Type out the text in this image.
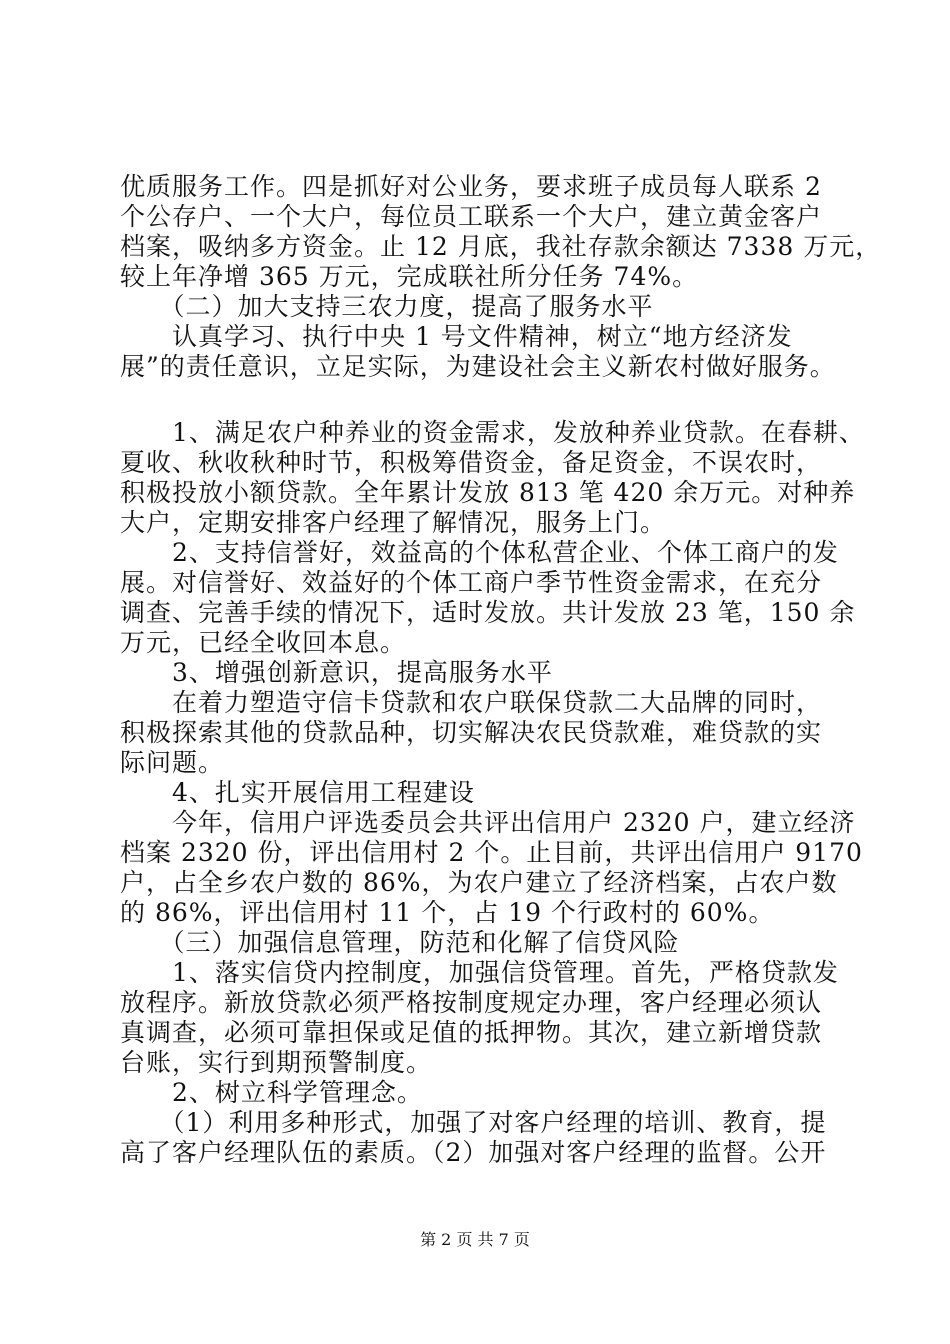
优质服务工作。四是抓好对公业务，要求班子成员每人联系 2

个公存户、一个大户，每位员工联系一个大户，建立黄金客户

档案，吸纳多方资金。止 12 月底，我社存款余额达 7338 万元，

较上年净增 365 万元，完成联社所分任务 74%。

　　（二）加大支持三农力度，提高了服务水平

　　认真学习、执行中央 1 号文件精神，树立“地方经济发

展”的责任意识，立足实际，为建设社会主义新农村做好服务。

　　1、满足农户种养业的资金需求，发放种养业贷款。在春耕、

夏收、秋收秋种时节，积极筹借资金，备足资金，不误农时，

积极投放小额贷款。全年累计发放 813 笔 420 余万元。对种养

大户，定期安排客户经理了解情况，服务上门。

　　2、支持信誉好，效益高的个体私营企业、个体工商户的发

展。对信誉好、效益好的个体工商户季节性资金需求，在充分

调查、完善手续的情况下，适时发放。共计发放 23 笔，150 余

万元，已经全收回本息。

　　3、增强创新意识，提高服务水平

　　在着力塑造守信卡贷款和农户联保贷款二大品牌的同时，

积极探索其他的贷款品种，切实解决农民贷款难，难贷款的实

际问题。

　　4、扎实开展信用工程建设

　　今年，信用户评选委员会共评出信用户 2320 户，建立经济

档案 2320 份，评出信用村 2 个。止目前，共评出信用户 9170

户，占全乡农户数的 86%，为农户建立了经济档案，占农户数

的 86%，评出信用村 11 个，占 19 个行政村的 60%。

　　（三）加强信息管理，防范和化解了信贷风险

　　1、落实信贷内控制度，加强信贷管理。首先，严格贷款发

放程序。新放贷款必须严格按制度规定办理，客户经理必须认

真调查，必须可靠担保或足值的抵押物。其次，建立新增贷款

台账，实行到期预警制度。

　　2、树立科学管理念。

　　（1）利用多种形式，加强了对客户经理的培训、教育，提

高了客户经理队伍的素质。（2）加强对客户经理的监督。公开

第 2 页 共 7 页
